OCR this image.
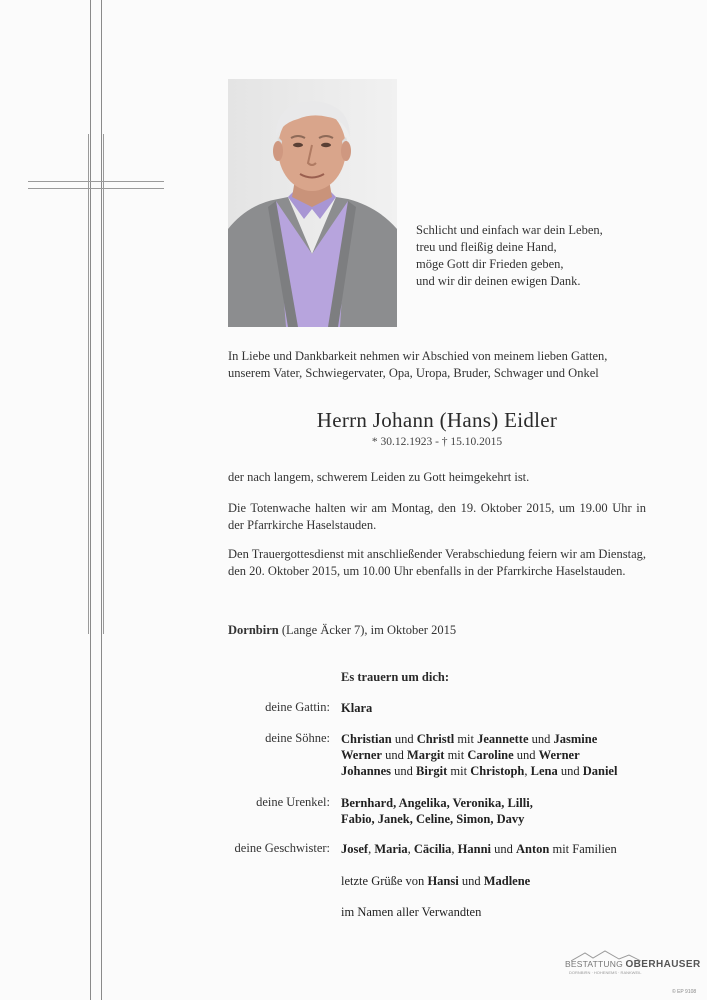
Schlicht und einfach war dein Leben,
treu und fleißig deine Hand,
möge Gott dir Frieden geben,
und wir dir deinen ewigen Dank.
In Liebe und Dankbarkeit nehmen wir Abschied von meinem lieben Gatten,
unserem Vater, Schwiegervater, Opa, Uropa, Bruder, Schwager und Onkel
Herrn Johann (Hans) Eidler
* 30.12.1923 - † 15.10.2015
der nach langem, schwerem Leiden zu Gott heimgekehrt ist.
Die Totenwache halten wir am Montag, den 19. Oktober 2015, um 19.00 Uhr in der Pfarrkirche Haselstauden.
Den Trauergottesdienst mit anschließender Verabschiedung feiern wir am Dienstag, den 20. Oktober 2015, um 10.00 Uhr ebenfalls in der Pfarrkirche Haselstauden.
Dornbirn (Lange Äcker 7), im Oktober 2015
Es trauern um dich:
deine Gattin: Klara
deine Söhne: Christian und Christl mit Jeannette und Jasmine
Werner und Margit mit Caroline und Werner
Johannes und Birgit mit Christoph, Lena und Daniel
deine Urenkel: Bernhard, Angelika, Veronika, Lilli,
Fabio, Janek, Celine, Simon, Davy
deine Geschwister: Josef, Maria, Cäcilia, Hanni und Anton mit Familien
letzte Grüße von Hansi und Madlene
im Namen aller Verwandten
BESTATTUNG OBERHAUSER
DORNBIRN · HOHENEMS · RANKWEIL
© EP 9108
